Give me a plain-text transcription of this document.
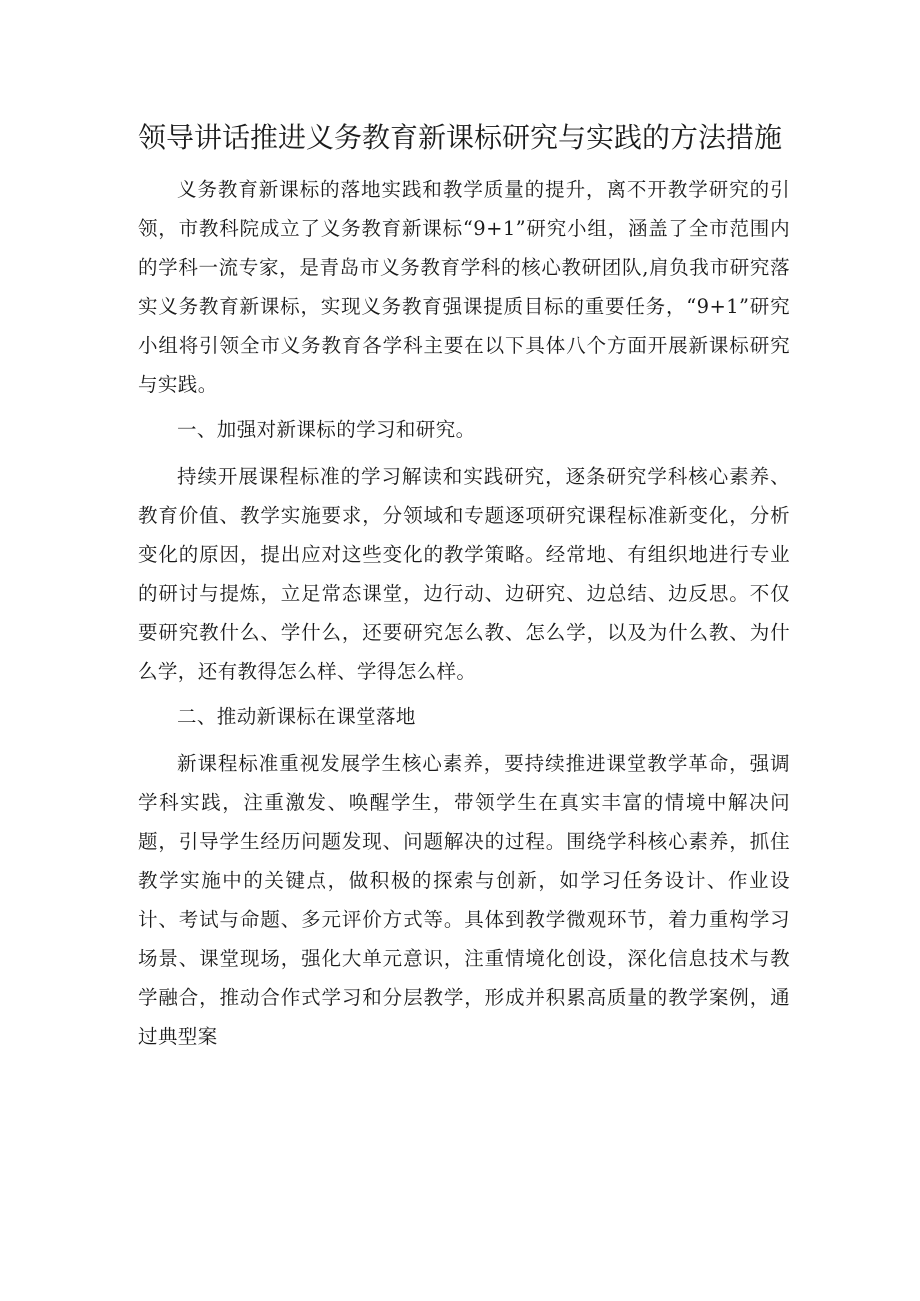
领导讲话推进义务教育新课标研究与实践的方法措施

义务教育新课标的落地实践和教学质量的提升，离不开教学研究的引领，市教科院成立了义务教育新课标“9+1”研究小组，涵盖了全市范围内的学科一流专家，是青岛市义务教育学科的核心教研团队,肩负我市研究落实义务教育新课标，实现义务教育强课提质目标的重要任务，“9+1”研究小组将引领全市义务教育各学科主要在以下具体八个方面开展新课标研究与实践。

一、加强对新课标的学习和研究。

持续开展课程标准的学习解读和实践研究，逐条研究学科核心素养、教育价值、教学实施要求，分领域和专题逐项研究课程标准新变化，分析变化的原因，提出应对这些变化的教学策略。经常地、有组织地进行专业的研讨与提炼，立足常态课堂，边行动、边研究、边总结、边反思。不仅要研究教什么、学什么，还要研究怎么教、怎么学，以及为什么教、为什么学，还有教得怎么样、学得怎么样。

二、推动新课标在课堂落地

新课程标准重视发展学生核心素养，要持续推进课堂教学革命，强调学科实践，注重激发、唤醒学生，带领学生在真实丰富的情境中解决问题，引导学生经历问题发现、问题解决的过程。围绕学科核心素养，抓住教学实施中的关键点，做积极的探索与创新，如学习任务设计、作业设计、考试与命题、多元评价方式等。具体到教学微观环节，着力重构学习场景、课堂现场，强化大单元意识，注重情境化创设，深化信息技术与教学融合，推动合作式学习和分层教学，形成并积累高质量的教学案例，通过典型案
